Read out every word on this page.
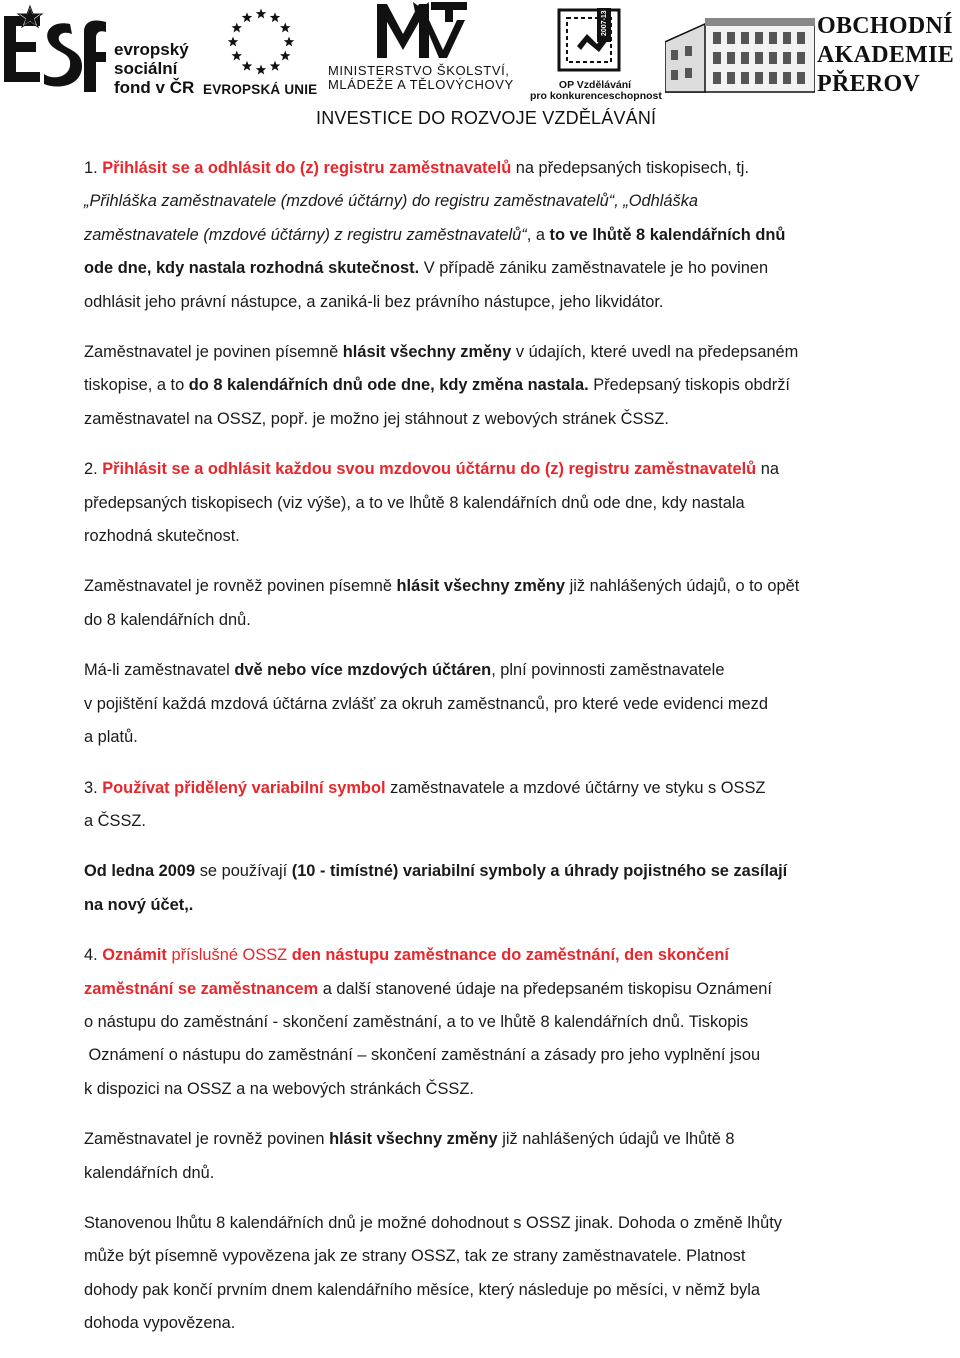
evropský
sociální
fond v ČR EVROPSKÁ UNIE
MINISTERSTVO ŠKOLSTVÍ,
MLÁDEŽE A TĚLOVÝCHOVY
2007-13
OP Vzdělávání
pro konkurenceschopnost
OBCHODNÍ
AKADEMIE
PŘEROV
INVESTICE DO ROZVOJE VZDĚLÁVÁNÍ

1. Přihlásit se a odhlásit do (z) registru zaměstnavatelů na předepsaných tiskopisech, tj.
„Přihláška zaměstnavatele (mzdové účtárny) do registru zaměstnavatelů“, „Odhláška
zaměstnavatele (mzdové účtárny) z registru zaměstnavatelů“, a to ve lhůtě 8 kalendářních dnů
ode dne, kdy nastala rozhodná skutečnost. V případě zániku zaměstnavatele je ho povinen
odhlásit jeho právní nástupce, a zaniká-li bez právního nástupce, jeho likvidátor.

Zaměstnavatel je povinen písemně hlásit všechny změny v údajích, které uvedl na předepsaném
tiskopise, a to do 8 kalendářních dnů ode dne, kdy změna nastala. Předepsaný tiskopis obdrží
zaměstnavatel na OSSZ, popř. je možno jej stáhnout z webových stránek ČSSZ.

2. Přihlásit se a odhlásit každou svou mzdovou účtárnu do (z) registru zaměstnavatelů na
předepsaných tiskopisech (viz výše), a to ve lhůtě 8 kalendářních dnů ode dne, kdy nastala
rozhodná skutečnost.

Zaměstnavatel je rovněž povinen písemně hlásit všechny změny již nahlášených údajů, o to opět
do 8 kalendářních dnů.

Má-li zaměstnavatel dvě nebo více mzdových účtáren, plní povinnosti zaměstnavatele
v pojištění každá mzdová účtárna zvlášť za okruh zaměstnanců, pro které vede evidenci mezd
a platů.

3. Používat přidělený variabilní symbol zaměstnavatele a mzdové účtárny ve styku s OSSZ
a ČSSZ.

Od ledna 2009 se používají (10 - timístné) variabilní symboly a úhrady pojistného se zasílají
na nový účet,.

4. Oznámit příslušné OSSZ den nástupu zaměstnance do zaměstnání, den skončení
zaměstnání se zaměstnancem a další stanovené údaje na předepsaném tiskopisu Oznámení
o nástupu do zaměstnání - skončení zaměstnání, a to ve lhůtě 8 kalendářních dnů. Tiskopis
Oznámení o nástupu do zaměstnání – skončení zaměstnání a zásady pro jeho vyplnění jsou
k dispozici na OSSZ a na webových stránkách ČSSZ.

Zaměstnavatel je rovněž povinen hlásit všechny změny již nahlášených údajů ve lhůtě 8
kalendářních dnů.

Stanovenou lhůtu 8 kalendářních dnů je možné dohodnout s OSSZ jinak. Dohoda o změně lhůty
může být písemně vypovězena jak ze strany OSSZ, tak ze strany zaměstnavatele. Platnost
dohody pak končí prvním dnem kalendářního měsíce, který následuje po měsíci, v němž byla
dohoda vypovězena.
